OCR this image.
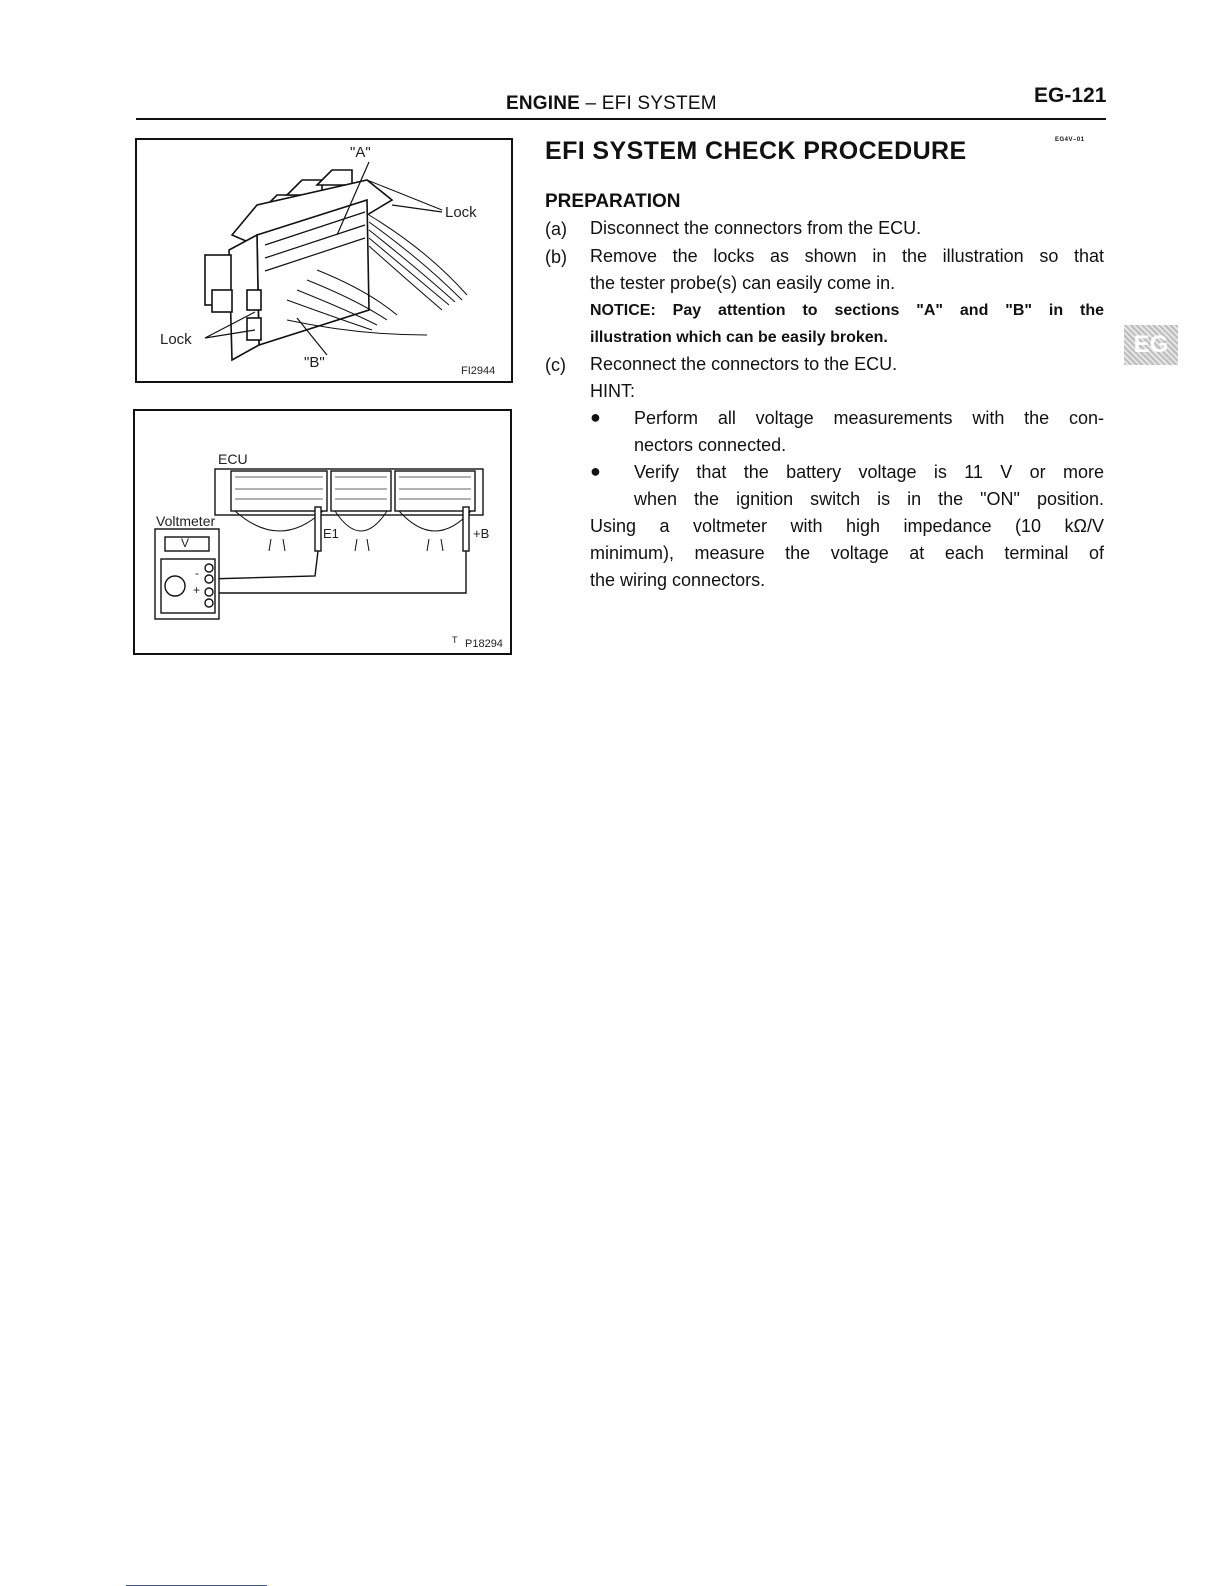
ENGINE – EFI SYSTEM	EG-121
"A"
Lock
Lock
"B"	FI2944
ECU
Voltmeter
V
E1	+B
-
+
T P18294
EG4V–01
EFI SYSTEM CHECK PROCEDURE
PREPARATION
(a) Disconnect the connectors from the ECU.
(b) Remove the locks as shown in the illustration so that
the tester probe(s) can easily come in.
NOTICE: Pay attention to sections "A" and "B" in the
illustration which can be easily broken.
(c) Reconnect the connectors to the ECU.
HINT:
● Perform all voltage measurements with the con-
nectors connected.
● Verify that the battery voltage is 11 V or more
when the ignition switch is in the "ON" position.
Using a voltmeter with high impedance (10 kΩ/V
minimum), measure the voltage at each terminal of
the wiring connectors.
EG
